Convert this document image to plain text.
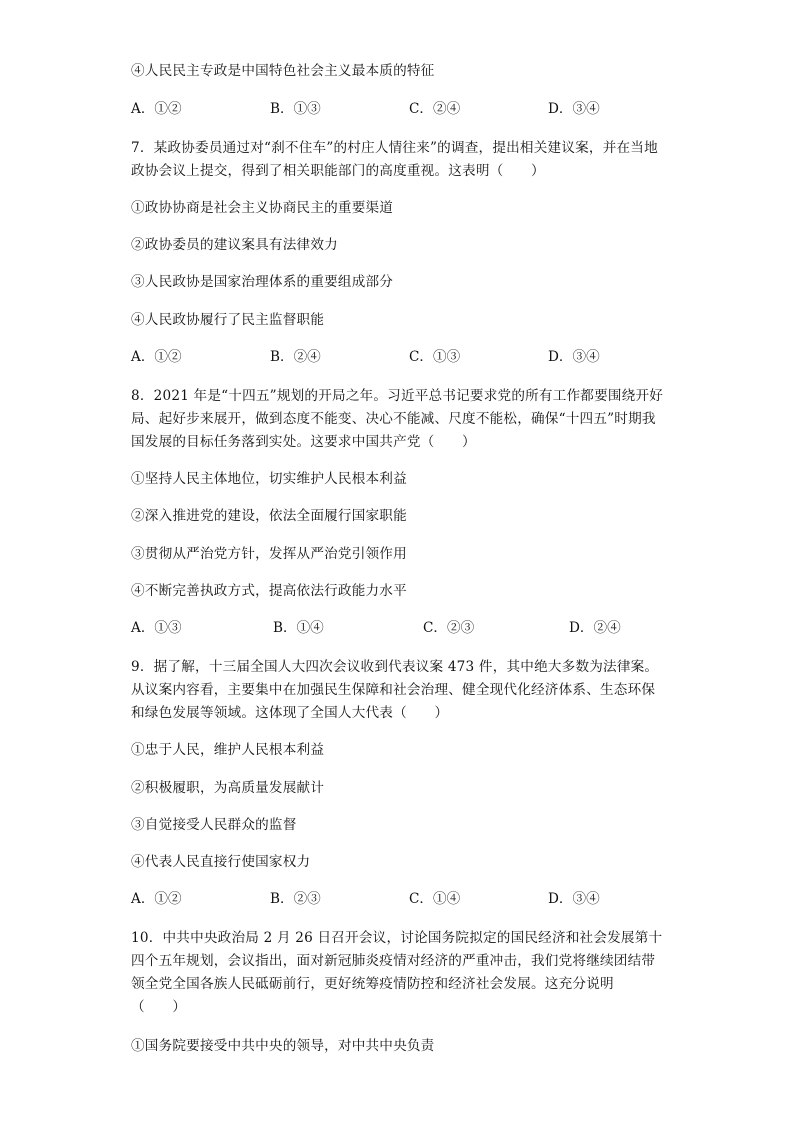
④人民民主专政是中国特色社会主义最本质的特征
A．①②	B．①③	C．②④	D．③④
7．某政协委员通过对“刹不住车”的村庄人情往来”的调查，提出相关建议案，并在当地
政协会议上提交，得到了相关职能部门的高度重视。这表明（　　）
①政协协商是社会主义协商民主的重要渠道
②政协委员的建议案具有法律效力
③人民政协是国家治理体系的重要组成部分
④人民政协履行了民主监督职能
A．①②	B．②④	C．①③	D．③④
8．2021 年是“十四五”规划的开局之年。习近平总书记要求党的所有工作都要围绕开好
局、起好步来展开，做到态度不能变、决心不能减、尺度不能松，确保“十四五”时期我
国发展的目标任务落到实处。这要求中国共产党（　　）
①坚持人民主体地位，切实维护人民根本利益
②深入推进党的建设，依法全面履行国家职能
③贯彻从严治党方针，发挥从严治党引领作用
④不断完善执政方式，提高依法行政能力水平
A．①③	B．①④	C．②③	D．②④
9．据了解，十三届全国人大四次会议收到代表议案 473 件，其中绝大多数为法律案。
从议案内容看，主要集中在加强民生保障和社会治理、健全现代化经济体系、生态环保
和绿色发展等领域。这体现了全国人大代表（　　）
①忠于人民，维护人民根本利益
②积极履职，为高质量发展献计
③自觉接受人民群众的监督
④代表人民直接行使国家权力
A．①②	B．②③	C．①④	D．③④
10．中共中央政治局 2 月 26 日召开会议，讨论国务院拟定的国民经济和社会发展第十
四个五年规划，会议指出，面对新冠肺炎疫情对经济的严重冲击，我们党将继续团结带
领全党全国各族人民砥砺前行，更好统筹疫情防控和经济社会发展。这充分说明
（　　）
①国务院要接受中共中央的领导，对中共中央负责
